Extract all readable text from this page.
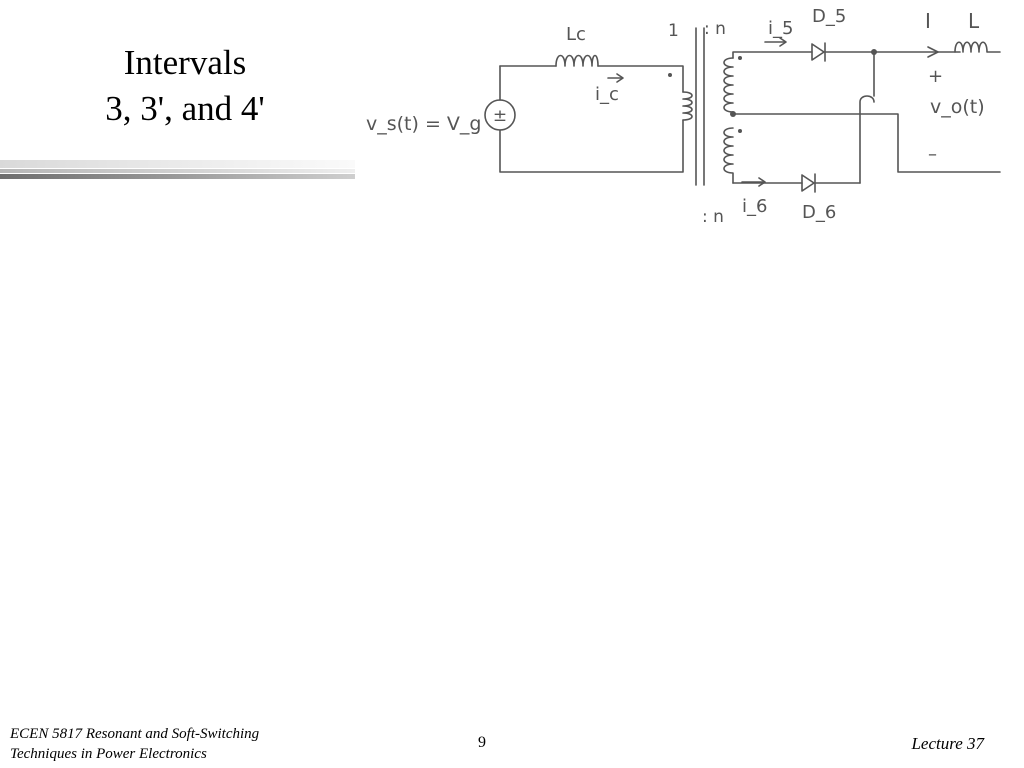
Intervals
3, 3', and 4'	±
v_s(t) = V_g
Lc
i_c
1 : n
: n
D_5
i_5
D_6
i_6
I L
+
v_o(t)
–
ECEN 5817 Resonant and Soft-Switching
Techniques in Power Electronics
9	Lecture 37
